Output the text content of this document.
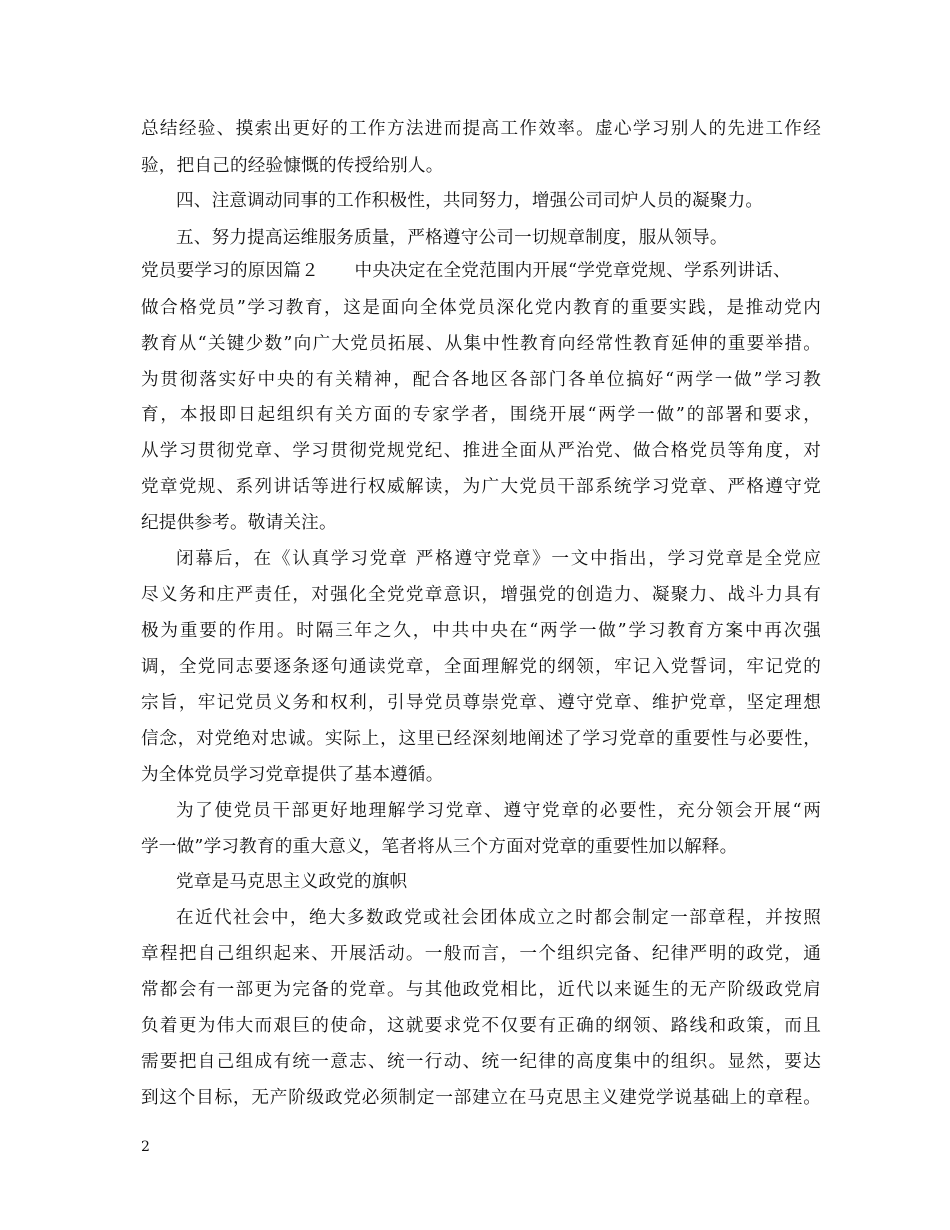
总结经验、摸索出更好的工作方法进而提高工作效率。虚心学习别人的先进工作经
验，把自己的经验慷慨的传授给别人。
四、注意调动同事的工作积极性，共同努力，增强公司司炉人员的凝聚力。
五、努力提高运维服务质量，严格遵守公司一切规章制度，服从领导。
党员要学习的原因篇２　　中央决定在全党范围内开展“学党章党规、学系列讲话、
做合格党员”学习教育，这是面向全体党员深化党内教育的重要实践，是推动党内
教育从“关键少数”向广大党员拓展、从集中性教育向经常性教育延伸的重要举措。
为贯彻落实好中央的有关精神，配合各地区各部门各单位搞好“两学一做”学习教
育，本报即日起组织有关方面的专家学者，围绕开展“两学一做”的部署和要求，
从学习贯彻党章、学习贯彻党规党纪、推进全面从严治党、做合格党员等角度，对
党章党规、系列讲话等进行权威解读，为广大党员干部系统学习党章、严格遵守党
纪提供参考。敬请关注。
闭幕后，在《认真学习党章 严格遵守党章》一文中指出，学习党章是全党应
尽义务和庄严责任，对强化全党党章意识，增强党的创造力、凝聚力、战斗力具有
极为重要的作用。时隔三年之久，中共中央在“两学一做”学习教育方案中再次强
调，全党同志要逐条逐句通读党章，全面理解党的纲领，牢记入党誓词，牢记党的
宗旨，牢记党员义务和权利，引导党员尊崇党章、遵守党章、维护党章，坚定理想
信念，对党绝对忠诚。实际上，这里已经深刻地阐述了学习党章的重要性与必要性，
为全体党员学习党章提供了基本遵循。
为了使党员干部更好地理解学习党章、遵守党章的必要性，充分领会开展“两
学一做”学习教育的重大意义，笔者将从三个方面对党章的重要性加以解释。
党章是马克思主义政党的旗帜
在近代社会中，绝大多数政党或社会团体成立之时都会制定一部章程，并按照
章程把自己组织起来、开展活动。一般而言，一个组织完备、纪律严明的政党，通
常都会有一部更为完备的党章。与其他政党相比，近代以来诞生的无产阶级政党肩
负着更为伟大而艰巨的使命，这就要求党不仅要有正确的纲领、路线和政策，而且
需要把自己组成有统一意志、统一行动、统一纪律的高度集中的组织。显然，要达
到这个目标，无产阶级政党必须制定一部建立在马克思主义建党学说基础上的章程。
2
